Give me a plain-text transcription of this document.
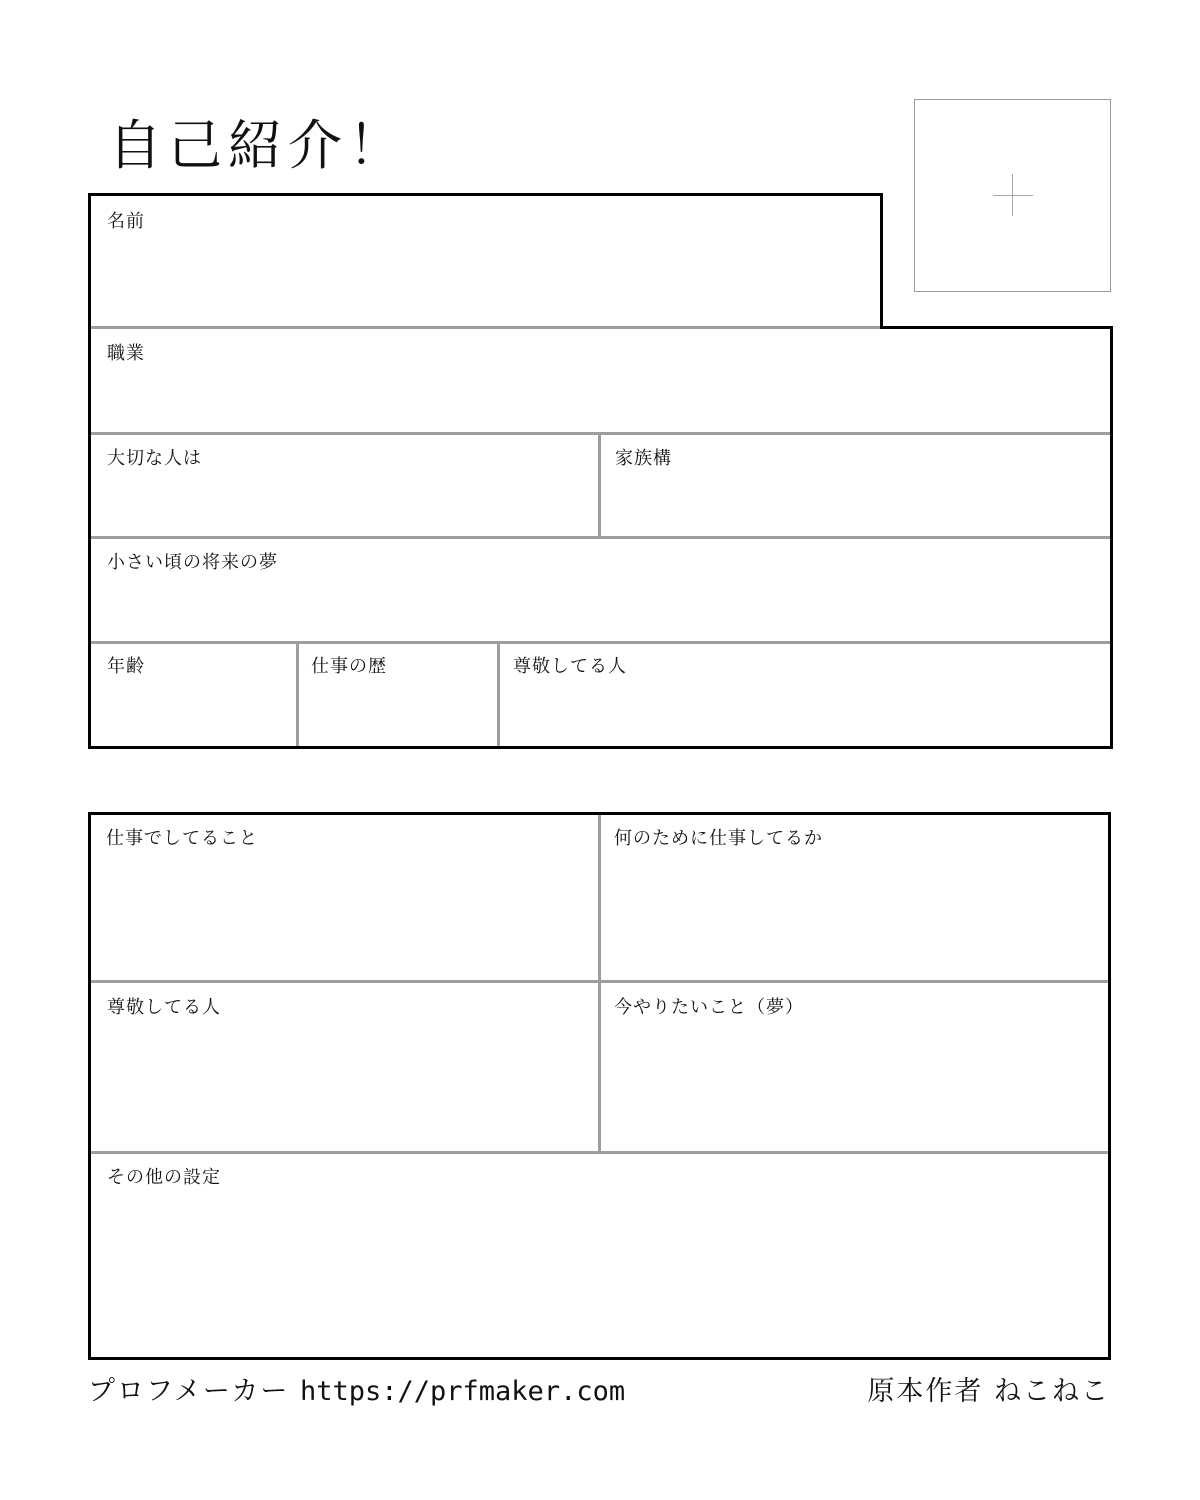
自己紹介！
名前
職業
大切な人は	家族構
小さい頃の将来の夢
年齢	仕事の歴	尊敬してる人
仕事でしてること	何のために仕事してるか
尊敬してる人	今やりたいこと（夢）
その他の設定
プロフメーカー https://prfmaker.com	原本作者 ねこねこ
